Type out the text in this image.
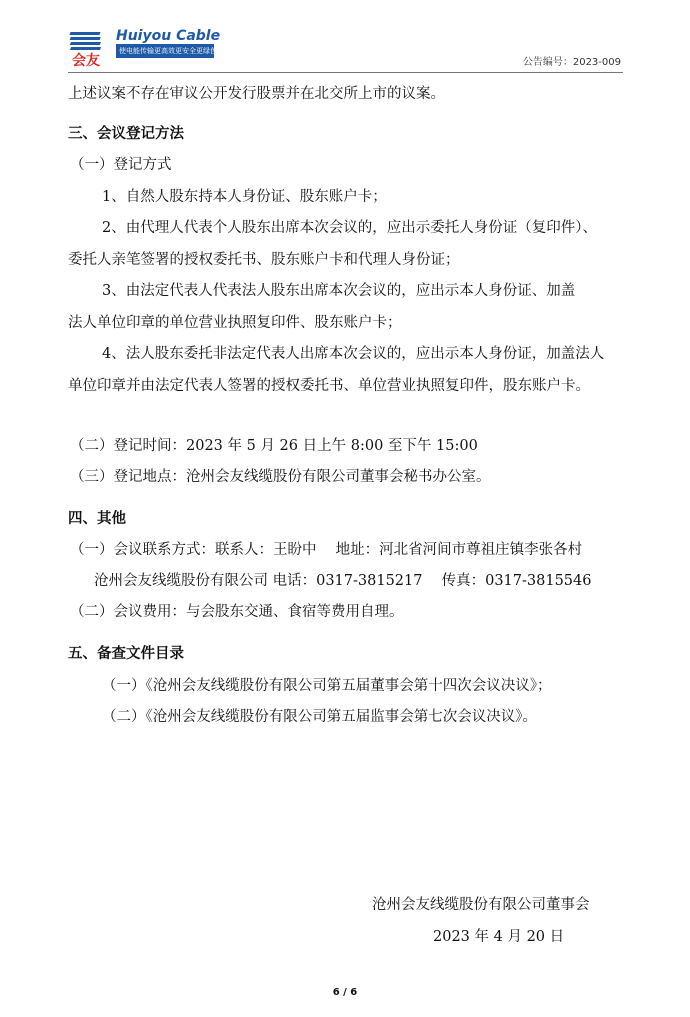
Huiyou Cable
会友
使电能传输更高效更安全更绿色
公告编号：2023-009
上述议案不存在审议公开发行股票并在北交所上市的议案。
三、会议登记方法
（一）登记方式
1、自然人股东持本人身份证、股东账户卡；
2、由代理人代表个人股东出席本次会议的，应出示委托人身份证（复印件）、
委托人亲笔签署的授权委托书、股东账户卡和代理人身份证；
3、由法定代表人代表法人股东出席本次会议的，应出示本人身份证、加盖
法人单位印章的单位营业执照复印件、股东账户卡；
4、法人股东委托非法定代表人出席本次会议的，应出示本人身份证，加盖法人
单位印章并由法定代表人签署的授权委托书、单位营业执照复印件，股东账户卡。
（二）登记时间：2023 年 5 月 26 日上午 8:00 至下午 15:00
（三）登记地点：沧州会友线缆股份有限公司董事会秘书办公室。
四、其他
（一）会议联系方式：联系人：王盼中　 地址：河北省河间市尊祖庄镇李张各村
沧州会友线缆股份有限公司 电话：0317-3815217　 传真：0317-3815546
（二）会议费用：与会股东交通、食宿等费用自理。
五、备查文件目录
（一）《沧州会友线缆股份有限公司第五届董事会第十四次会议决议》；
（二）《沧州会友线缆股份有限公司第五届监事会第七次会议决议》。
沧州会友线缆股份有限公司董事会
2023 年 4 月 20 日
6 / 6
